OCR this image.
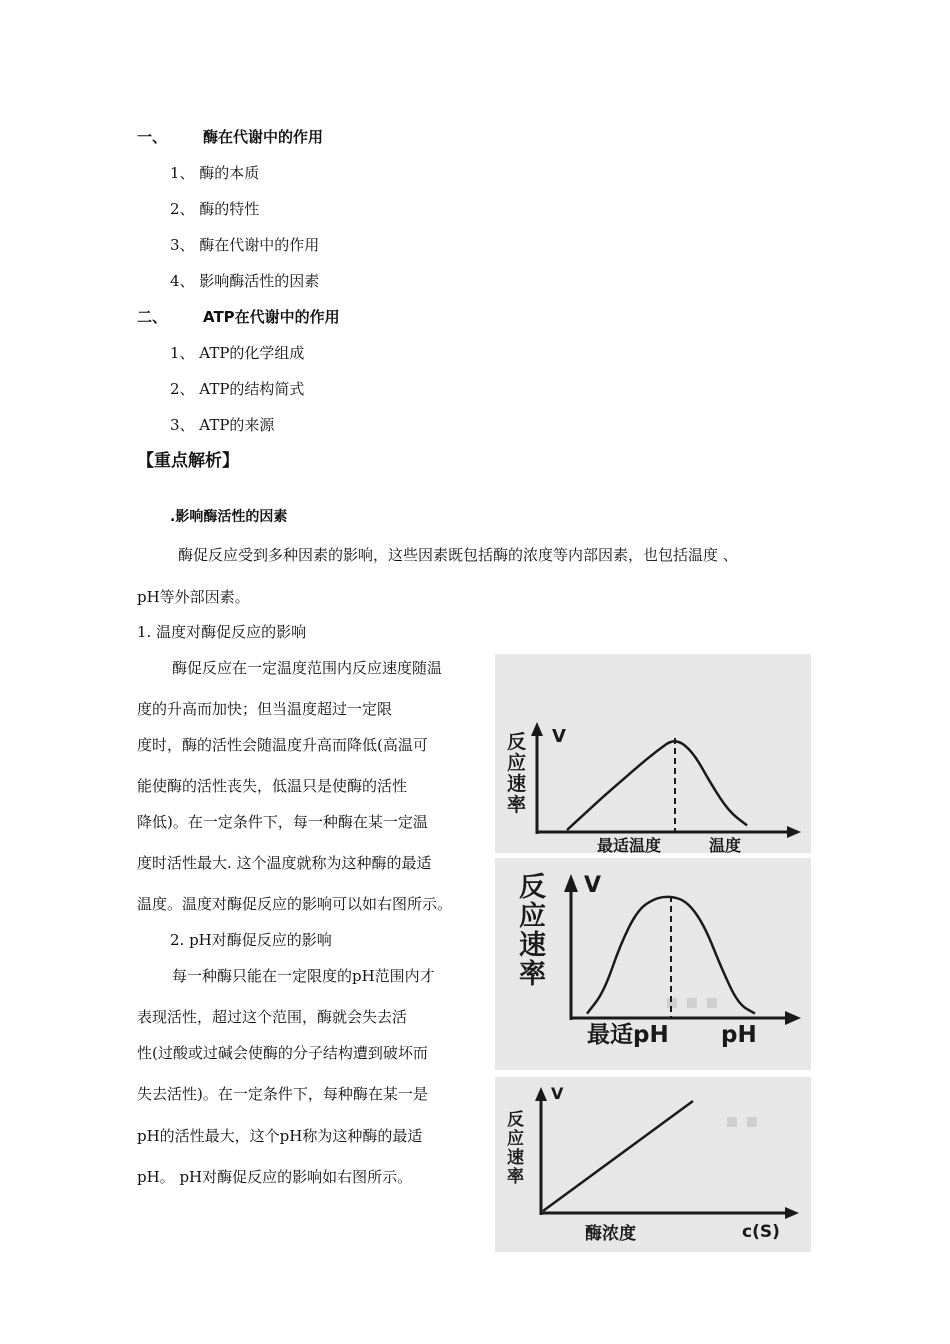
一、 酶在代谢中的作用
1、 酶的本质
2、 酶的特性
3、 酶在代谢中的作用
4、 影响酶活性的因素
二、 ATP在代谢中的作用
1、 ATP的化学组成
2、 ATP的结构简式
3、 ATP的来源
【重点解析】
.影响酶活性的因素
酶促反应受到多种因素的影响，这些因素既包括酶的浓度等内部因素，也包括温度 、
pH等外部因素。
1. 温度对酶促反应的影响
酶促反应在一定温度范围内反应速度随温
度的升高而加快；但当温度超过一定限
度时，酶的活性会随温度升高而降低(高温可
能使酶的活性丧失，低温只是使酶的活性
降低)。在一定条件下，每一种酶在某一定温
度时活性最大. 这个温度就称为这种酶的最适
温度。温度对酶促反应的影响可以如右图所示。
2. pH对酶促反应的影响
每一种酶只能在一定限度的pH范围内才
表现活性，超过这个范围，酶就会失去活
性(过酸或过碱会使酶的分子结构遭到破坏而
失去活性)。在一定条件下，每种酶在某一是
pH的活性最大，这个pH称为这种酶的最适
pH。 pH对酶促反应的影响如右图所示。
反
应
速
率
V
最适温度	温度
▪ ▪ ▪
反
应
速
率
V
最适pH pH
▪ ▪
反
应
速
率
V
酶浓度	c(S)
